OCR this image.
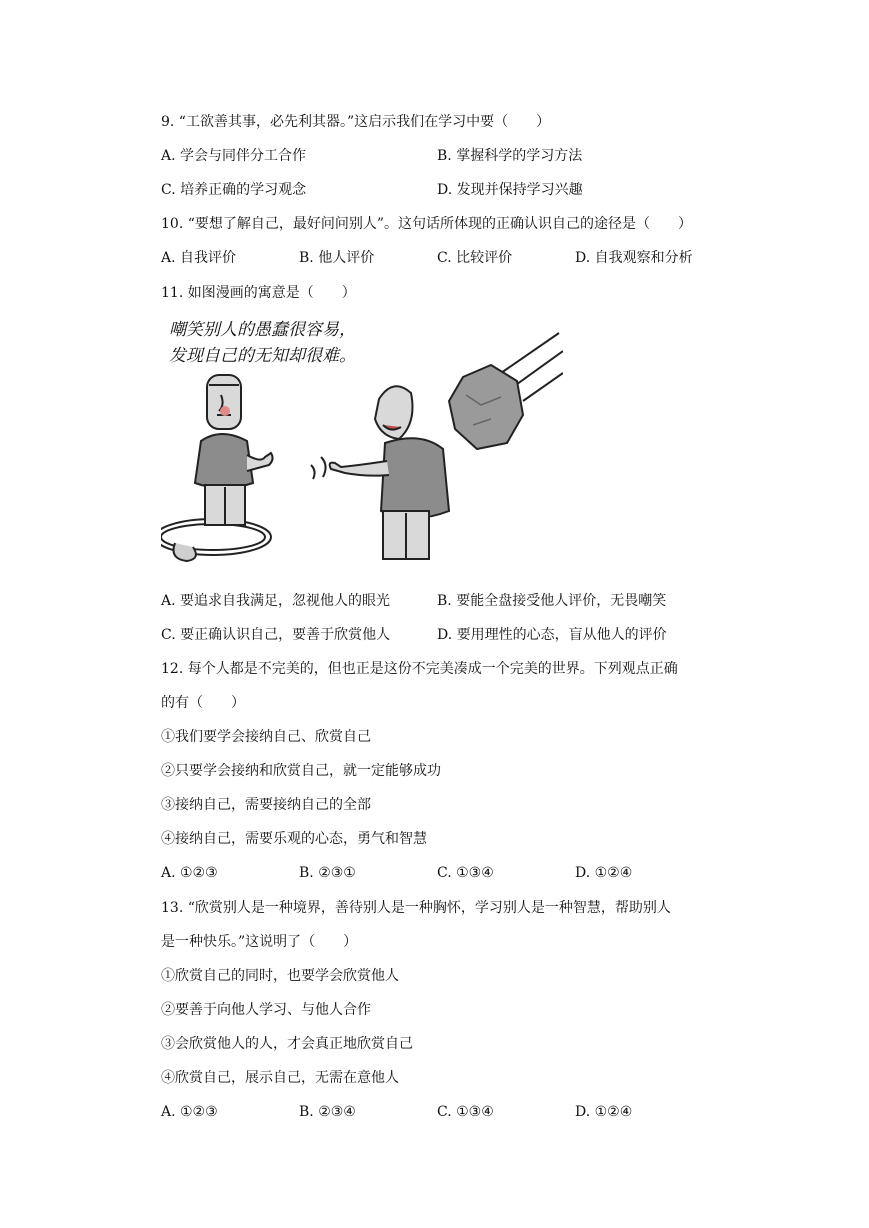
9. “工欲善其事，必先利其器。”这启示我们在学习中要（　　）
A. 学会与同伴分工合作	B. 掌握科学的学习方法
C. 培养正确的学习观念	D. 发现并保持学习兴趣
10. “要想了解自己，最好问问别人”。这句话所体现的正确认识自己的途径是（　　）
A. 自我评价	B. 他人评价	C. 比较评价	D. 自我观察和分析
11. 如图漫画的寓意是（　　）
嘲笑别人的愚蠢很容易，
发现自己的无知却很难。
A. 要追求自我满足，忽视他人的眼光	B. 要能全盘接受他人评价，无畏嘲笑
C. 要正确认识自己，要善于欣赏他人	D. 要用理性的心态，盲从他人的评价
12. 每个人都是不完美的，但也正是这份不完美凑成一个完美的世界。下列观点正确
的有（　　）
①我们要学会接纳自己、欣赏自己
②只要学会接纳和欣赏自己，就一定能够成功
③接纳自己，需要接纳自己的全部
④接纳自己，需要乐观的心态，勇气和智慧
A. ①②③	B. ②③①	C. ①③④	D. ①②④
13. “欣赏别人是一种境界，善待别人是一种胸怀，学习别人是一种智慧，帮助别人
是一种快乐。”这说明了（　　）
①欣赏自己的同时，也要学会欣赏他人
②要善于向他人学习、与他人合作
③会欣赏他人的人，才会真正地欣赏自己
④欣赏自己，展示自己，无需在意他人
A. ①②③	B. ②③④	C. ①③④	D. ①②④
